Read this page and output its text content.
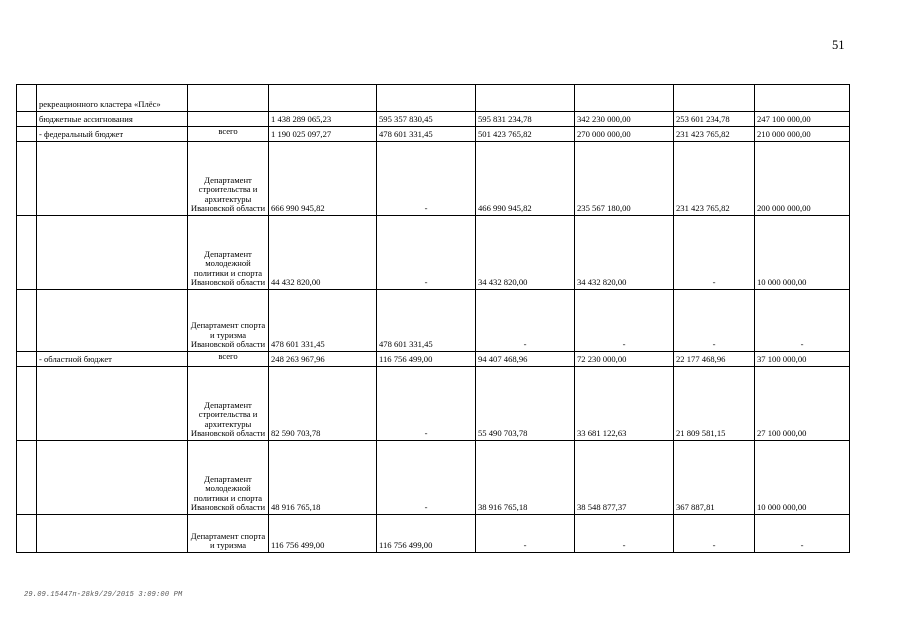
51
	рекреационного кластера «Плёс»							
	бюджетные ассигнования		1 438 289 065,23	595 357 830,45	595 831 234,78	342 230 000,00	253 601 234,78	247 100 000,00
	- федеральный бюджет	всего	1 190 025 097,27	478 601 331,45	501 423 765,82	270 000 000,00	231 423 765,82	210 000 000,00

		Департамент строительства и архитектуры Ивановской области	666 990 945,82	-	466 990 945,82	235 567 180,00	231 423 765,82	200 000 000,00

		Департамент молодежной политики и спорта Ивановской области	44 432 820,00	-	34 432 820,00	34 432 820,00	-	10 000 000,00

		Департамент спорта и туризма Ивановской области	478 601 331,45	478 601 331,45	-	-	-	-
	- областной бюджет	всего	248 263 967,96	116 756 499,00	94 407 468,96	72 230 000,00	22 177 468,96	37 100 000,00

		Департамент строительства и архитектуры Ивановской области	82 590 703,78	-	55 490 703,78	33 681 122,63	21 809 581,15	27 100 000,00

		Департамент молодежной политики и спорта Ивановской области	48 916 765,18	-	38 916 765,18	38 548 877,37	367 887,81	10 000 000,00

		Департамент спорта и туризма	116 756 499,00	116 756 499,00	-	-	-	-
29.09.15447п-28k9/29/2015 3:09:00 PM
